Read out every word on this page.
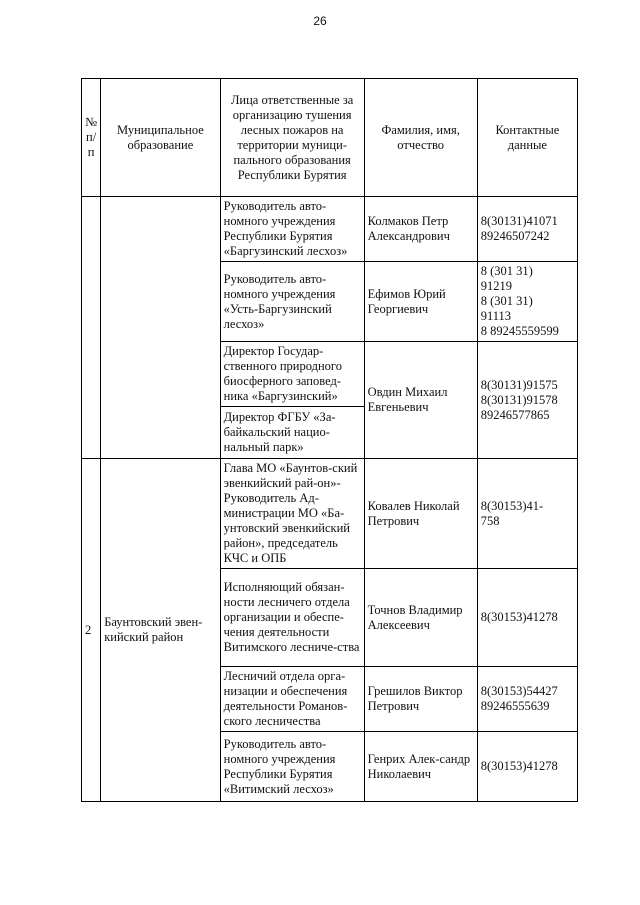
26
№ п/п	Муниципальное образование	Лица ответственные за организацию тушения лесных пожаров на территории муници-пального образования Республики Бурятия	Фамилия, имя, отчество	Контактные данные
		Руководитель авто-номного учреждения Республики Бурятия «Баргузинский лесхоз»	Колмаков Петр Александрович	8(30131)41071
89246507242

		Руководитель авто-номного учреждения «Усть-Баргузинский лесхоз»	Ефимов Юрий Георгиевич	8 (301 31)
91219
8 (301 31)
91113
8 89245559599

		Директор Государ-ственного природного биосферного заповед-ника «Баргузинский»	Овдин Михаил Евгеньевич	8(30131)91575
8(30131)91578
89246577865

		Директор ФГБУ «За-байкальский нацио-нальный парк»		
2	Баунтовский эвен-кийский район	Глава МО «Баунтов-ский эвенкийский рай-он»- Руководитель Ад-министрации МО «Ба-унтовский эвенкийский район», председатель КЧС и ОПБ	Ковалев Николай Петрович	8(30153)41-
758

		Исполняющий обязан-ности лесничего отдела организации и обеспе-чения деятельности Витимского лесниче-ства	Точнов Владимир Алексеевич	8(30153)41278

		Лесничий отдела орга-низации и обеспечения деятельности Романов-ского лесничества	Грешилов Виктор Петрович	8(30153)54427
89246555639

		Руководитель авто-номного учреждения Республики Бурятия «Витимский лесхоз»	Генрих Алек-сандр Николаевич	8(30153)41278
